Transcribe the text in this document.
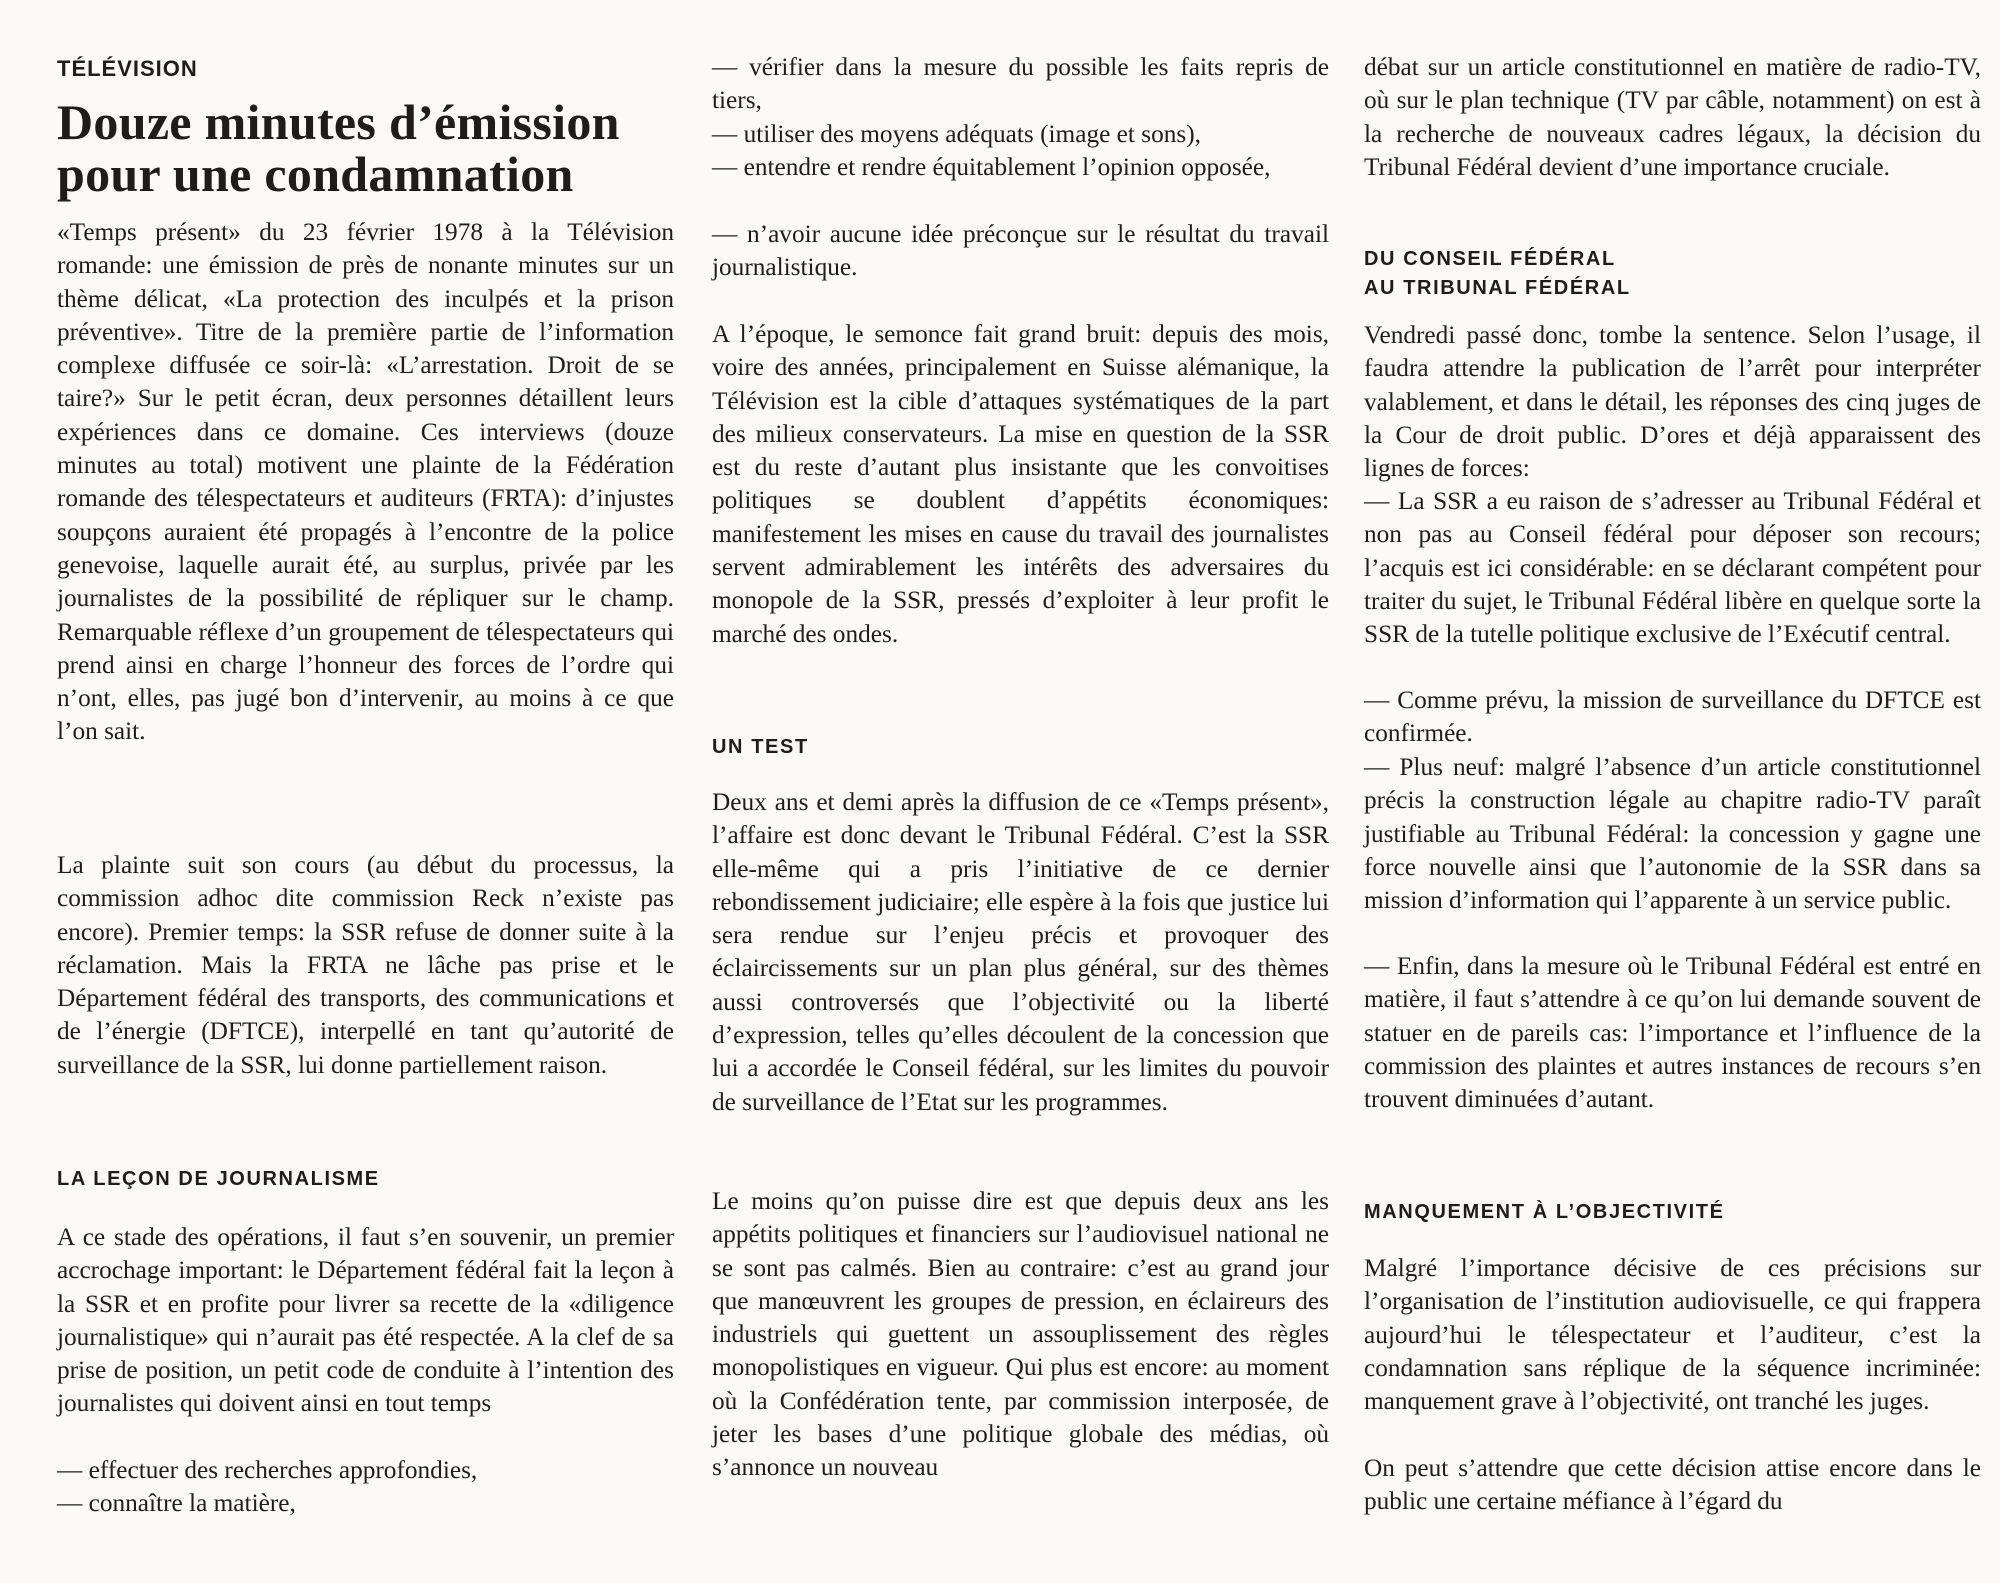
TÉLÉVISION
Douze minutes d’émission
pour une condamnation

«Temps présent» du 23 février 1978 à la Télévision romande: une émission de près de nonante minutes sur un thème délicat, «La protection des inculpés et la prison préventive». Titre de la première partie de l’information complexe diffusée ce soir-là: «L’arrestation. Droit de se taire?» Sur le petit écran, deux personnes détaillent leurs expériences dans ce domaine. Ces interviews (douze minutes au total) motivent une plainte de la Fédération romande des télespectateurs et auditeurs (FRTA): d’injustes soupçons auraient été propagés à l’encontre de la police genevoise, laquelle aurait été, au surplus, privée par les journalistes de la possibilité de répliquer sur le champ. Remarquable réflexe d’un groupement de télespectateurs qui prend ainsi en charge l’honneur des forces de l’ordre qui n’ont, elles, pas jugé bon d’intervenir, au moins à ce que l’on sait.

La plainte suit son cours (au début du processus, la commission adhoc dite commission Reck n’existe pas encore). Premier temps: la SSR refuse de donner suite à la réclamation. Mais la FRTA ne lâche pas prise et le Département fédéral des transports, des communications et de l’énergie (DFTCE), interpellé en tant qu’autorité de surveillance de la SSR, lui donne partiellement raison.

LA LEÇON DE JOURNALISME

A ce stade des opérations, il faut s’en souvenir, un premier accrochage important: le Département fédéral fait la leçon à la SSR et en profite pour livrer sa recette de la «diligence journalistique» qui n’aurait pas été respectée. A la clef de sa prise de position, un petit code de conduite à l’intention des journalistes qui doivent ainsi en tout temps

— effectuer des recherches approfondies,

— connaître la matière,

— vérifier dans la mesure du possible les faits repris de tiers,

— utiliser des moyens adéquats (image et sons),

— entendre et rendre équitablement l’opinion opposée,

— n’avoir aucune idée préconçue sur le résultat du travail journalistique.

A l’époque, le semonce fait grand bruit: depuis des mois, voire des années, principalement en Suisse alémanique, la Télévision est la cible d’attaques systématiques de la part des milieux conservateurs. La mise en question de la SSR est du reste d’autant plus insistante que les convoitises politiques se doublent d’appétits économiques: manifestement les mises en cause du travail des journalistes servent admirablement les intérêts des adversaires du monopole de la SSR, pressés d’exploiter à leur profit le marché des ondes.

UN TEST

Deux ans et demi après la diffusion de ce «Temps présent», l’affaire est donc devant le Tribunal Fédéral. C’est la SSR elle-même qui a pris l’initiative de ce dernier rebondissement judiciaire; elle espère à la fois que justice lui sera rendue sur l’enjeu précis et provoquer des éclaircissements sur un plan plus général, sur des thèmes aussi controversés que l’objectivité ou la liberté d’expression, telles qu’elles découlent de la concession que lui a accordée le Conseil fédéral, sur les limites du pouvoir de surveillance de l’Etat sur les programmes.

Le moins qu’on puisse dire est que depuis deux ans les appétits politiques et financiers sur l’audiovisuel national ne se sont pas calmés. Bien au contraire: c’est au grand jour que manœuvrent les groupes de pression, en éclaireurs des industriels qui guettent un assouplissement des règles monopolistiques en vigueur. Qui plus est encore: au moment où la Confédération tente, par commission interposée, de jeter les bases d’une politique globale des médias, où s’annonce un nouveau

débat sur un article constitutionnel en matière de radio-TV, où sur le plan technique (TV par câble, notamment) on est à la recherche de nouveaux cadres légaux, la décision du Tribunal Fédéral devient d’une importance cruciale.

DU CONSEIL FÉDÉRAL
AU TRIBUNAL FÉDÉRAL

Vendredi passé donc, tombe la sentence. Selon l’usage, il faudra attendre la publication de l’arrêt pour interpréter valablement, et dans le détail, les réponses des cinq juges de la Cour de droit public. D’ores et déjà apparaissent des lignes de forces:

— La SSR a eu raison de s’adresser au Tribunal Fédéral et non pas au Conseil fédéral pour déposer son recours; l’acquis est ici considérable: en se déclarant compétent pour traiter du sujet, le Tribunal Fédéral libère en quelque sorte la SSR de la tutelle politique exclusive de l’Exécutif central.

— Comme prévu, la mission de surveillance du DFTCE est confirmée.

— Plus neuf: malgré l’absence d’un article constitutionnel précis la construction légale au chapitre radio-TV paraît justifiable au Tribunal Fédéral: la concession y gagne une force nouvelle ainsi que l’autonomie de la SSR dans sa mission d’information qui l’apparente à un service public.

— Enfin, dans la mesure où le Tribunal Fédéral est entré en matière, il faut s’attendre à ce qu’on lui demande souvent de statuer en de pareils cas: l’importance et l’influence de la commission des plaintes et autres instances de recours s’en trouvent diminuées d’autant.

MANQUEMENT À L’OBJECTIVITÉ

Malgré l’importance décisive de ces précisions sur l’organisation de l’institution audiovisuelle, ce qui frappera aujourd’hui le télespectateur et l’auditeur, c’est la condamnation sans réplique de la séquence incriminée: manquement grave à l’objectivité, ont tranché les juges.

On peut s’attendre que cette décision attise encore dans le public une certaine méfiance à l’égard du
